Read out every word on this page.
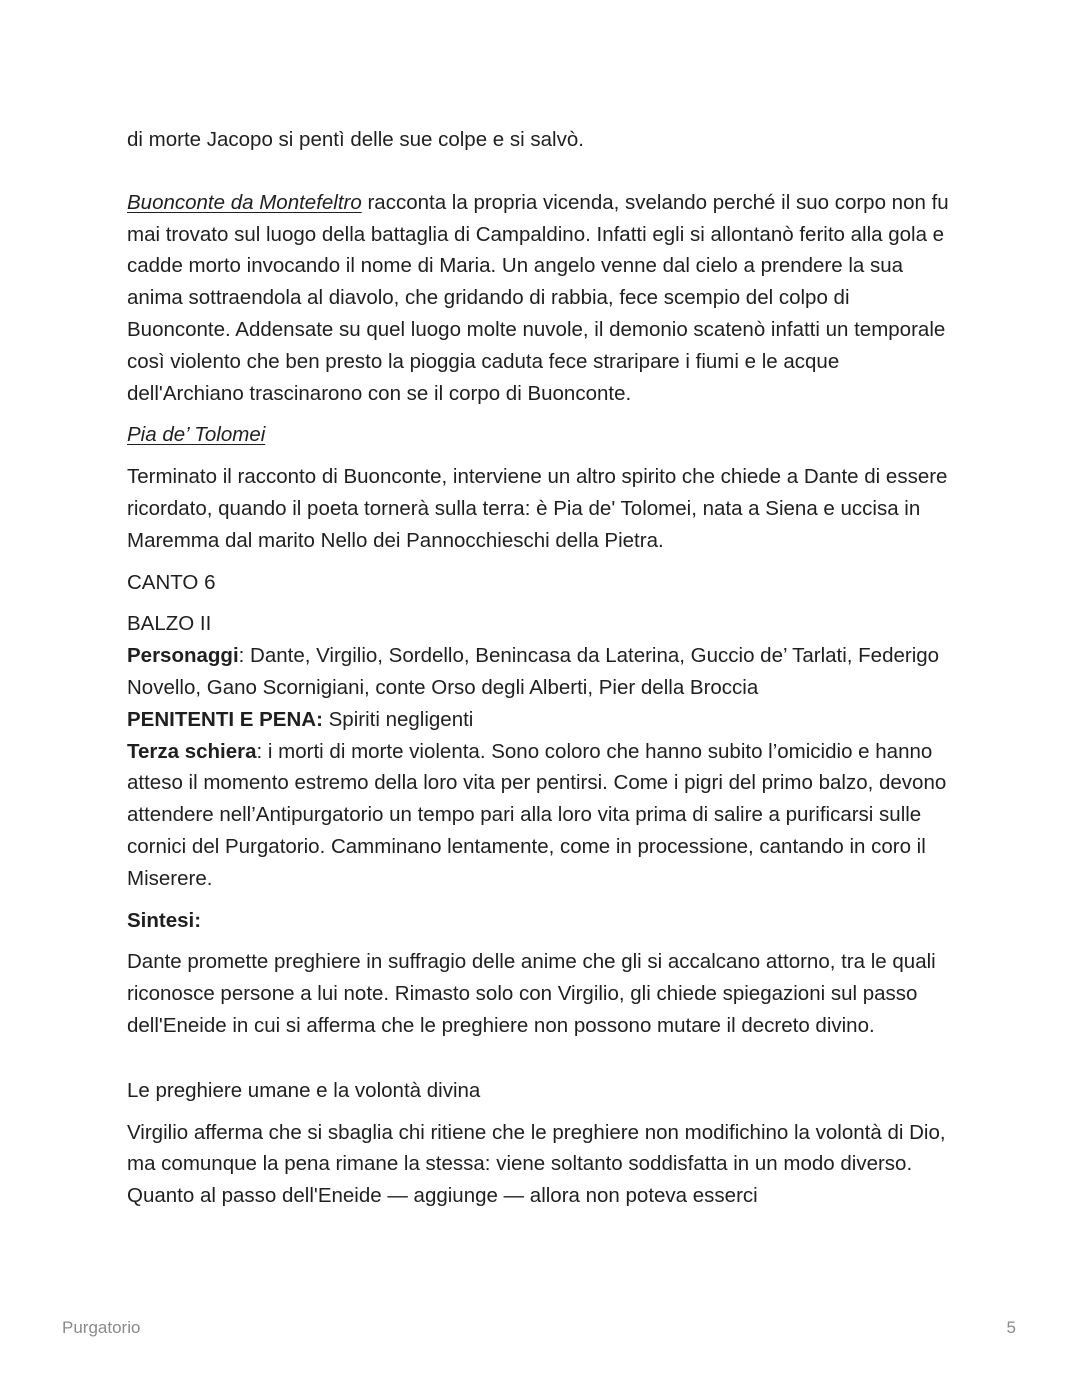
di morte Jacopo si pentì delle sue colpe e si salvò.

Buonconte da Montefeltro racconta la propria vicenda, svelando perché il suo corpo non fu mai trovato sul luogo della battaglia di Campaldino. Infatti egli si allontanò ferito alla gola e cadde morto invocando il nome di Maria. Un angelo venne dal cielo a prendere la sua anima sottraendola al diavolo, che gridando di rabbia, fece scempio del colpo di Buonconte. Addensate su quel luogo molte nuvole, il demonio scatenò infatti un temporale così violento che ben presto la pioggia caduta fece straripare i fiumi e le acque dell'Archiano trascinarono con se il corpo di Buonconte.

Pia de’ Tolomei

Terminato il racconto di Buonconte, interviene un altro spirito che chiede a Dante di essere ricordato, quando il poeta tornerà sulla terra: è Pia de' Tolomei, nata a Siena e uccisa in Maremma dal marito Nello dei Pannocchieschi della Pietra.

CANTO 6

BALZO II

Personaggi: Dante, Virgilio, Sordello, Benincasa da Laterina, Guccio de’ Tarlati, Federigo Novello, Gano Scornigiani, conte Orso degli Alberti, Pier della Broccia

PENITENTI E PENA: Spiriti negligenti

Terza schiera: i morti di morte violenta. Sono coloro che hanno subito l’omicidio e hanno atteso il momento estremo della loro vita per pentirsi. Come i pigri del primo balzo, devono attendere nell’Antipurgatorio un tempo pari alla loro vita prima di salire a purificarsi sulle cornici del Purgatorio. Camminano lentamente, come in processione, cantando in coro il Miserere.

Sintesi:

Dante promette preghiere in suffragio delle anime che gli si accalcano attorno, tra le quali riconosce persone a lui note. Rimasto solo con Virgilio, gli chiede spiegazioni sul passo dell'Eneide in cui si afferma che le preghiere non possono mutare il decreto divino.

Le preghiere umane e la volontà divina

Virgilio afferma che si sbaglia chi ritiene che le preghiere non modifichino la volontà di Dio, ma comunque la pena rimane la stessa: viene soltanto soddisfatta in un modo diverso. Quanto al passo dell'Eneide — aggiunge — allora non poteva esserci

Purgatorio	5
